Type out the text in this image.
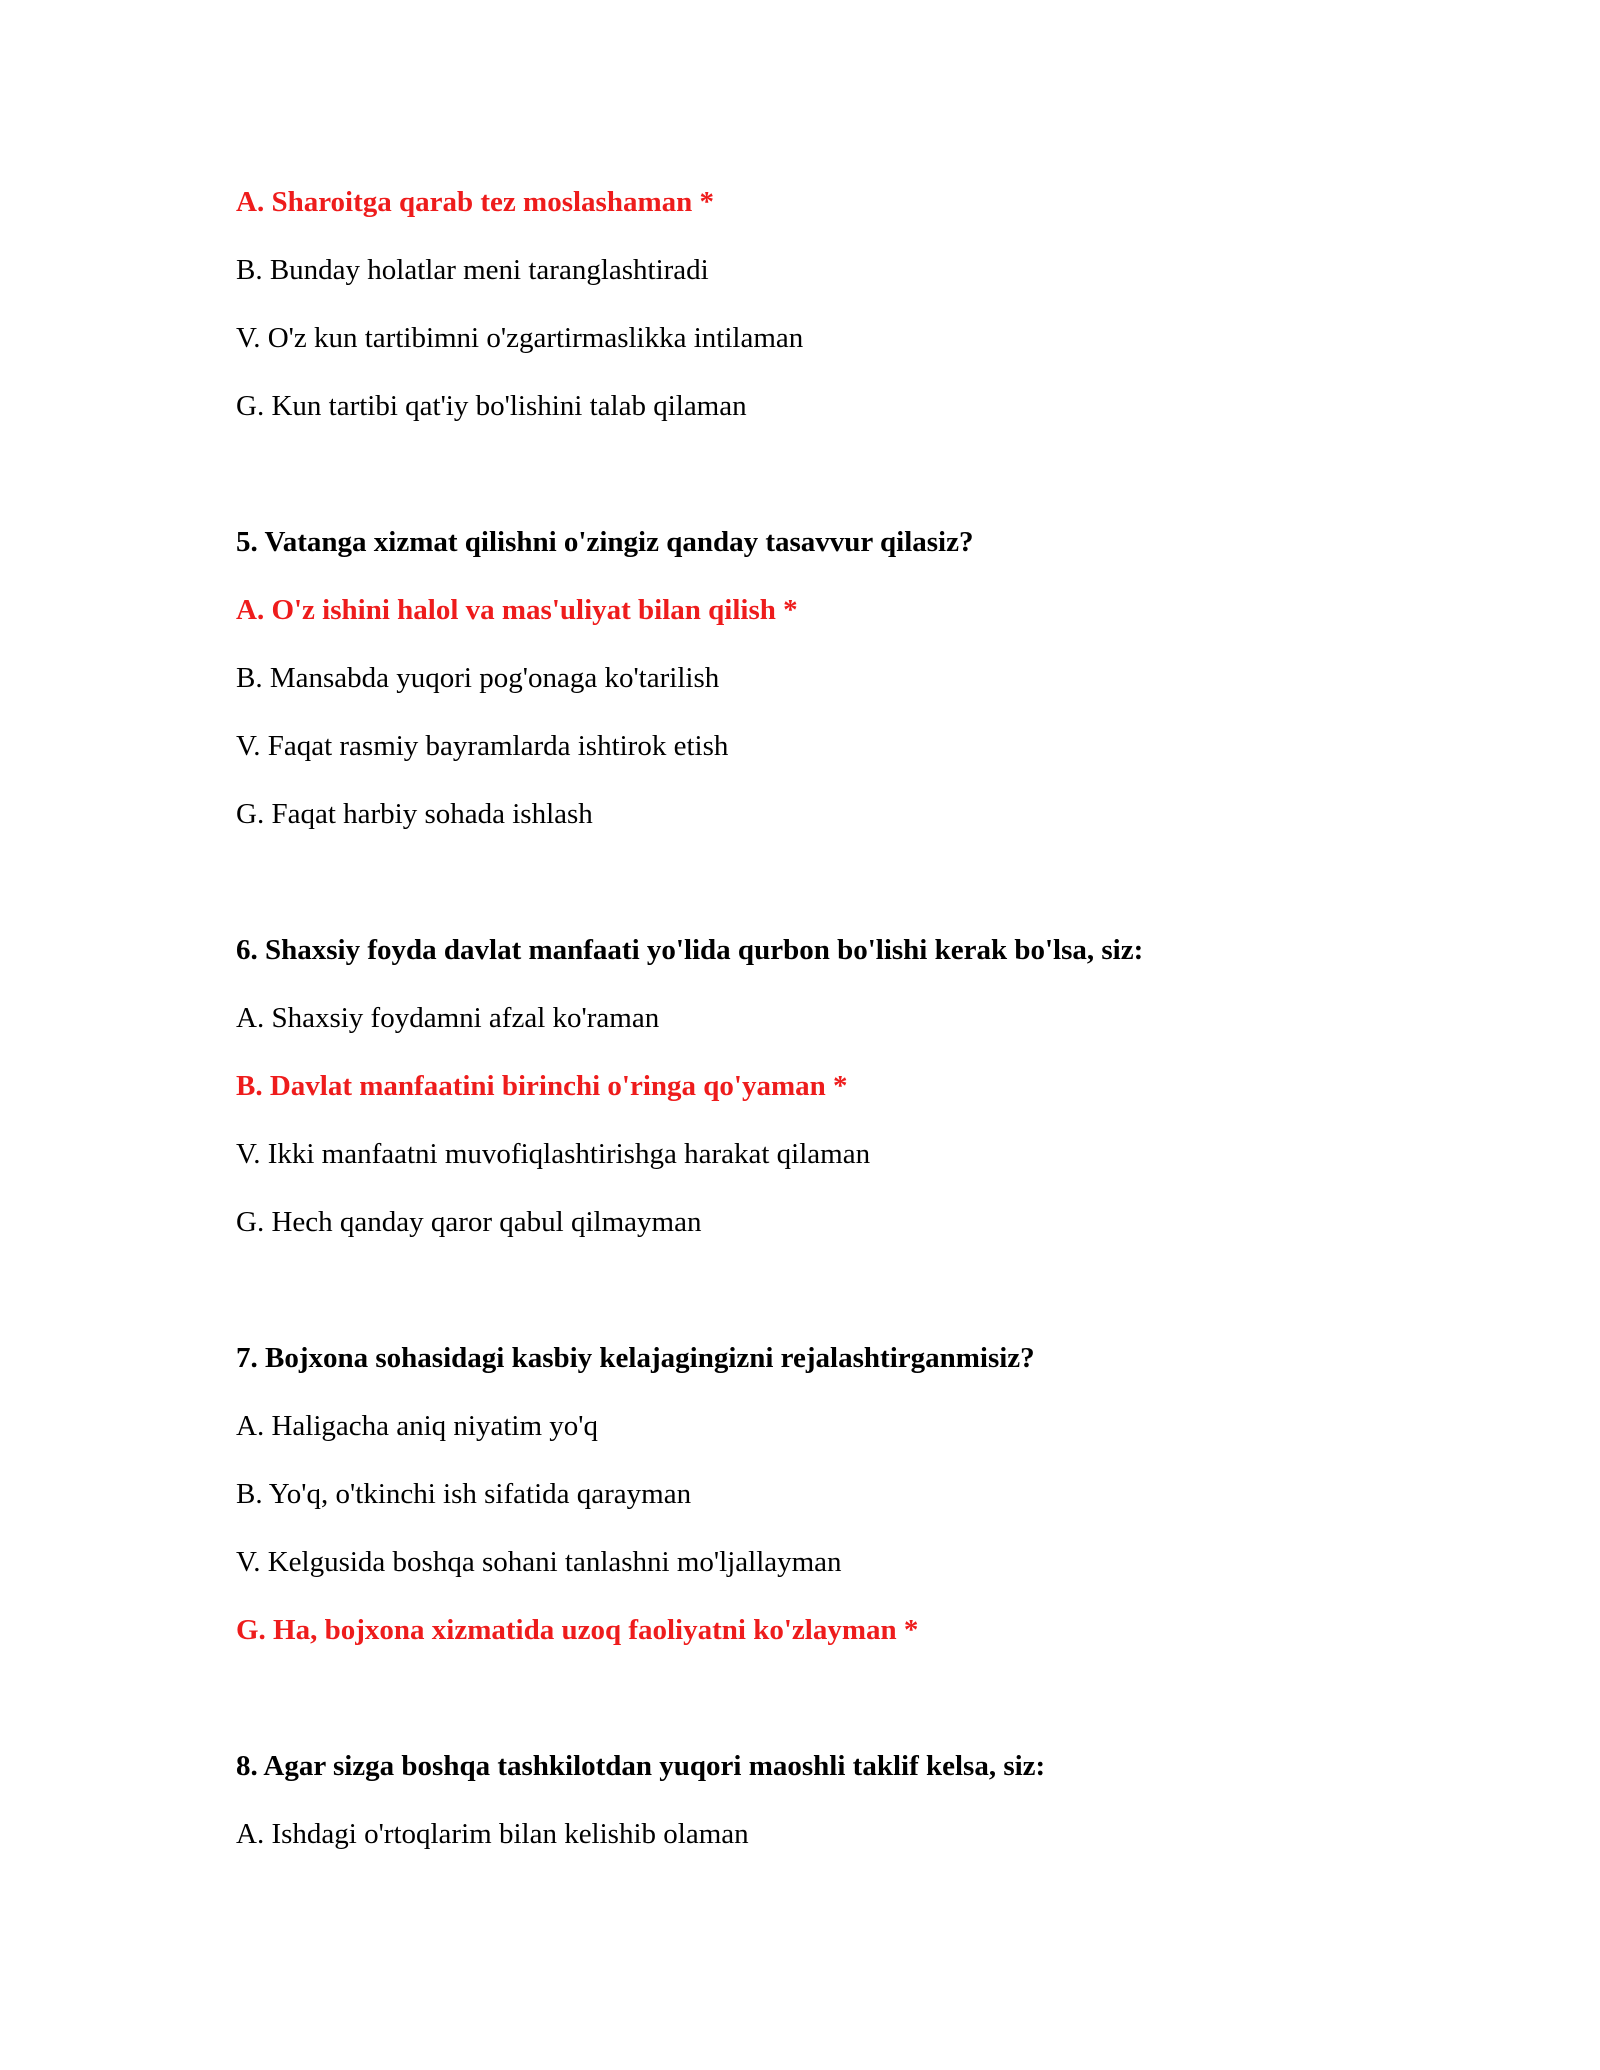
A. Sharoitga qarab tez moslashaman *

B. Bunday holatlar meni taranglashtiradi

V. O'z kun tartibimni o'zgartirmaslikka intilaman

G. Kun tartibi qat'iy bo'lishini talab qilaman

5. Vatanga xizmat qilishni o'zingiz qanday tasavvur qilasiz?

A. O'z ishini halol va mas'uliyat bilan qilish *

B. Mansabda yuqori pog'onaga ko'tarilish

V. Faqat rasmiy bayramlarda ishtirok etish

G. Faqat harbiy sohada ishlash

6. Shaxsiy foyda davlat manfaati yo'lida qurbon bo'lishi kerak bo'lsa, siz:

A. Shaxsiy foydamni afzal ko'raman

B. Davlat manfaatini birinchi o'ringa qo'yaman *

V. Ikki manfaatni muvofiqlashtirishga harakat qilaman

G. Hech qanday qaror qabul qilmayman

7. Bojxona sohasidagi kasbiy kelajagingizni rejalashtirganmisiz?

A. Haligacha aniq niyatim yo'q

B. Yo'q, o'tkinchi ish sifatida qarayman

V. Kelgusida boshqa sohani tanlashni mo'ljallayman

G. Ha, bojxona xizmatida uzoq faoliyatni ko'zlayman *

8. Agar sizga boshqa tashkilotdan yuqori maoshli taklif kelsa, siz:

A. Ishdagi o'rtoqlarim bilan kelishib olaman
